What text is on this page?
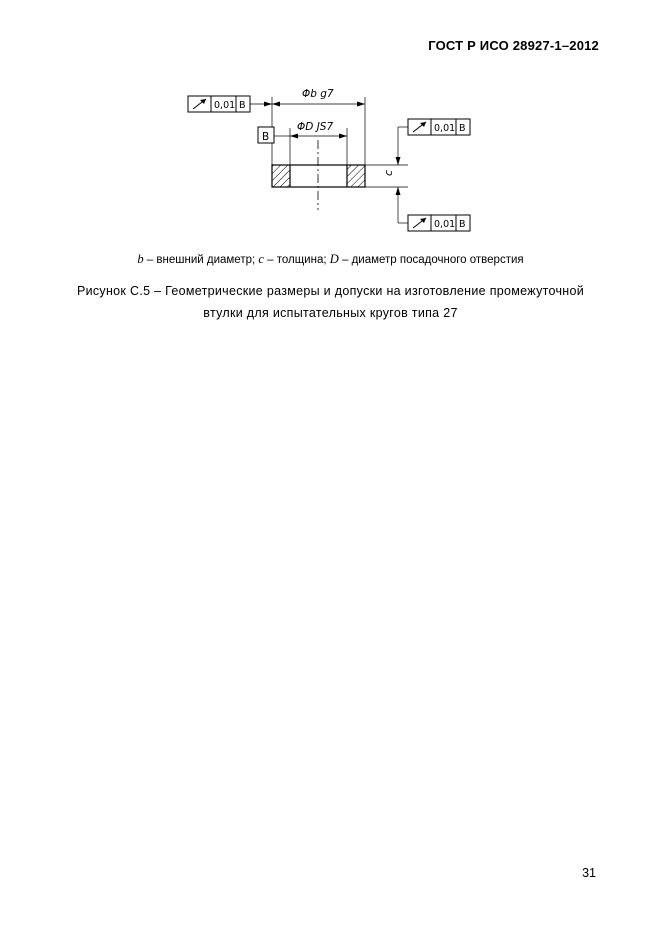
ГОСТ Р ИСО 28927-1–2012
Φb g7
ΦD JS7
B
c
0,01 B
0,01 B
0,01 B
b – внешний диаметр; c – толщина; D – диаметр посадочного отверстия
Рисунок С.5 – Геометрические размеры и допуски на изготовление промежуточной
втулки для испытательных кругов типа 27
31
